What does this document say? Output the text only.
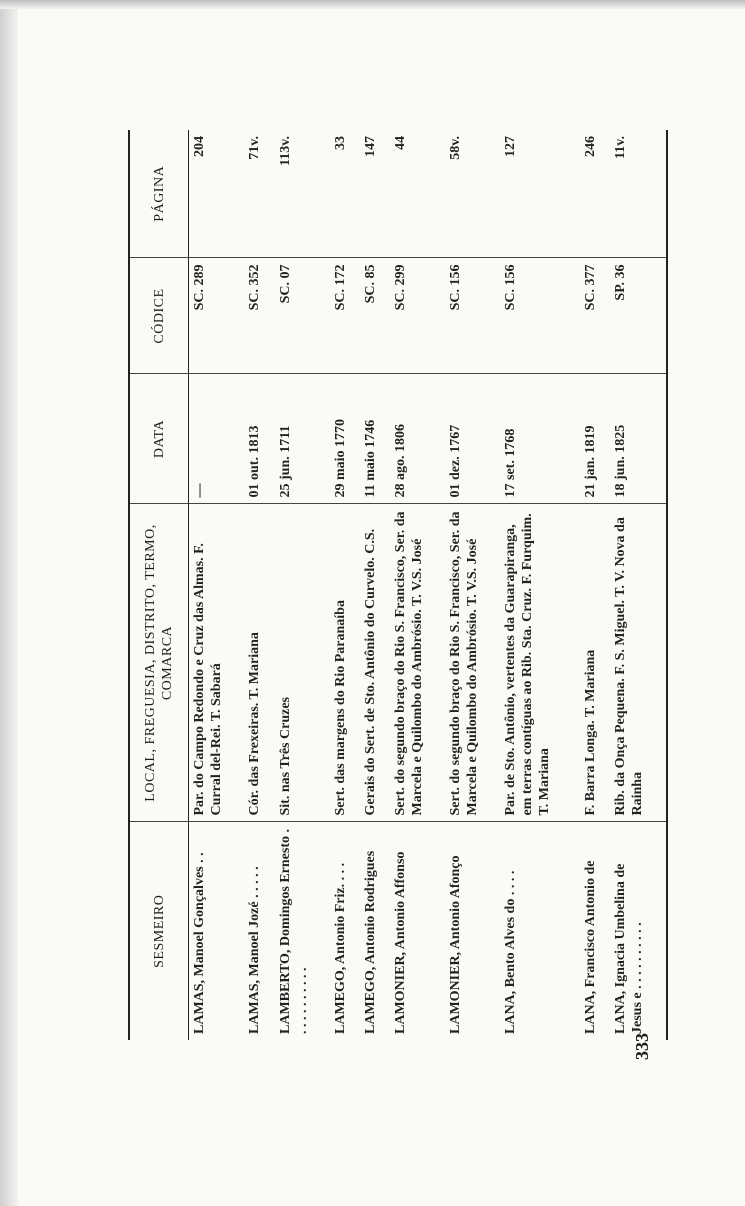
SESMEIRO	LOCAL, FREGUESIA, DISTRITO, TERMO, COMARCA	DATA	CÓDICE	PÁGINA
LAMAS, Manoel Gonçalves . .	Par. do Campo Redondo e Cruz das Almas. F. Curral del-Rei. T. Sabará	—	SC. 289	204
LAMAS, Manoel Jozé . . . . .	Cór. das Frexeiras. T. Mariana	01 out. 1813	SC. 352	71v.
LAMBERTO, Domingos Ernesto . . . . . . . . . . .	Sit. nas Três Cruzes	25 jun. 1711	SC. 07	113v.
LAMEGO, Antonio Friz. . . .	Sert. das margens do Rio Paranaíba	29 maio 1770	SC. 172	33
LAMEGO, Antonio Rodrigues	Gerais do Sert. de Sto. Antônio do Curvelo. C.S.	11 maio 1746	SC. 85	147
LAMONIER, Antonio Affonso	Sert. do segundo braço do Rio S. Francisco, Ser. da Marcela e Quilombo do Ambrósio. T. V.S. José	28 ago. 1806	SC. 299	44
LAMONIER, Antonio Afonço	Sert. do segundo braço do Rio S. Francisco, Ser. da Marcela e Quilombo do Ambrósio. T. V.S. José	01 dez. 1767	SC. 156	58v.
LANA, Bento Alves do . . . .	Par. de Sto. Antônio, vertentes da Guarapiranga, em terras contíguas ao Rib. Sta. Cruz. F. Furquim. T. Mariana	17 set. 1768	SC. 156	127
LANA, Francisco Antonio de	F. Barra Longa. T. Mariana	21 jan. 1819	SC. 377	246
LANA, Ignacia Umbelina de Jesus e . . . . . . . . . .	Rib. da Onça Pequena. F. S. Miguel. T. V. Nova da Rainha	18 jun. 1825	SP. 36	11v.
333
